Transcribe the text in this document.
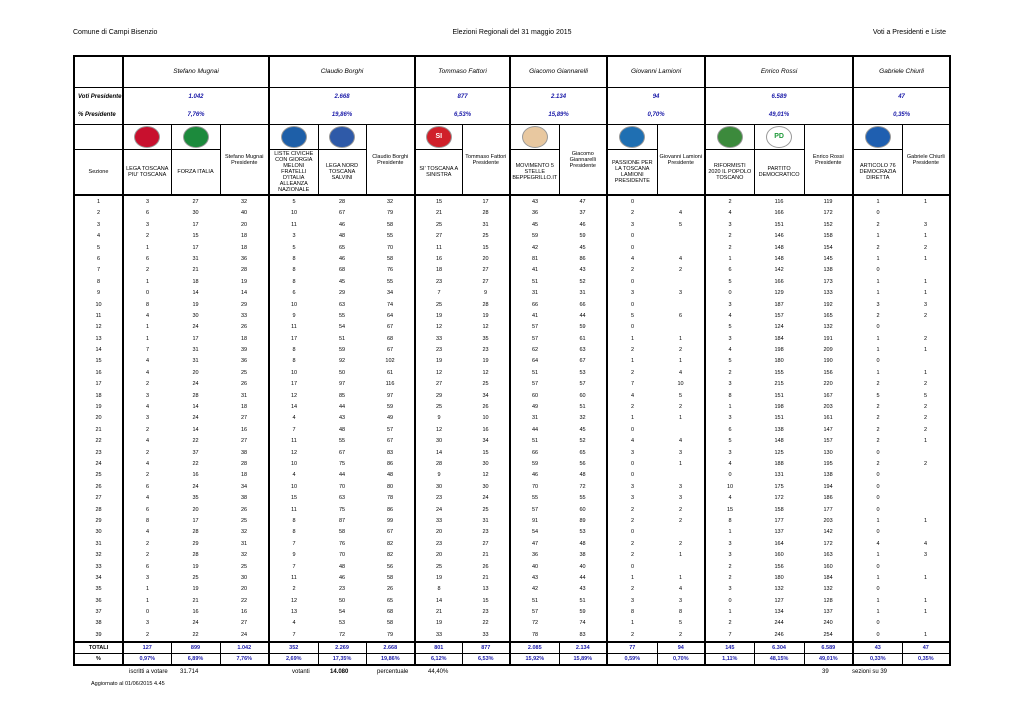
Comune di Campi Bisenzio	Elezioni Regionali del 31 maggio 2015	Voti a Presidenti e Liste
	Stefano Mugnai			Claudio Borghi			Tommaso Fattori		Giacomo Giannarelli		Giovanni Lamioni		Enrico Rossi			Gabriele Chiurli	
Voti Presidente	1.042			2.668			877		2.134		94		6.589			47	
% Presidente	7,76%			19,86%			6,53%		15,89%		0,70%		49,01%			0,35%	
			Stefano Mugnai Presidente			Claudio Borghi Presidente	SI	Tommaso Fattori Presidente		Giacomo Giannarelli Presidente		Giovanni Lamioni Presidente		PD	Enrico Rossi Presidente		Gabriele Chiurli Presidente
Sezione	LEGA TOSCANA PIU' TOSCANA	FORZA ITALIA		LISTE CIVICHE CON GIORGIA MELONI FRATELLI D'ITALIA ALLEANZA NAZIONALE	LEGA NORD TOSCANA SALVINI		SI' TOSCANA A SINISTRA		MOVIMENTO 5 STELLE BEPPEGRILLO.IT		PASSIONE PER LA TOSCANA LAMIONI PRESIDENTE		RIFORMISTI 2020 IL POPOLO TOSCANO	PARTITO DEMOCRATICO		ARTICOLO 76 DEMOCRAZIA DIRETTA	
1	3	27	32	5	28	32	15	17	43	47	0		2	116	119	1	1
2	6	30	40	10	67	79	21	28	36	37	2	4	4	166	172	0	
3	3	17	20	11	46	58	25	31	45	46	3	5	3	151	152	2	3
4	2	15	18	3	48	55	27	25	59	59	0		2	146	158	1	1
5	1	17	18	5	65	70	11	15	42	45	0		2	148	154	2	2
6	6	31	36	8	46	58	16	20	81	86	4	4	1	148	145	1	1
7	2	21	28	8	68	76	18	27	41	43	2	2	6	142	138	0	
8	1	18	19	8	45	55	23	27	51	52	0		5	166	173	1	1
9	0	14	14	6	29	34	7	9	31	31	3	3	0	129	133	1	1
10	8	19	29	10	63	74	25	28	66	66	0		3	187	192	3	3
11	4	30	33	9	55	64	19	19	41	44	5	6	4	157	165	2	2
12	1	24	26	11	54	67	12	12	57	59	0		5	124	132	0	
13	1	17	18	17	51	68	33	35	57	61	1	1	3	184	191	1	2
14	7	31	39	8	59	67	23	23	62	63	2	2	4	198	209	1	1
15	4	31	36	8	92	102	19	19	64	67	1	1	5	180	190	0	
16	4	20	25	10	50	61	12	12	51	53	2	4	2	155	156	1	1
17	2	24	26	17	97	116	27	25	57	57	7	10	3	215	220	2	2
18	3	28	31	12	85	97	29	34	60	60	4	5	8	151	167	5	5
19	4	14	18	14	44	59	25	26	49	51	2	2	1	198	203	2	2
20	3	24	27	4	43	49	9	10	31	32	1	1	3	151	161	2	2
21	2	14	16	7	48	57	12	16	44	45	0		6	138	147	2	2
22	4	22	27	11	55	67	30	34	51	52	4	4	5	148	157	2	1
23	2	37	38	12	67	83	14	15	66	65	3	3	3	125	130	0	
24	4	22	28	10	75	86	28	30	59	56	0	1	4	188	195	2	2
25	2	16	18	4	44	48	9	12	46	48	0		0	131	138	0	
26	6	24	34	10	70	80	30	30	70	72	3	3	10	175	194	0	
27	4	35	38	15	63	78	23	24	55	55	3	3	4	172	186	0	
28	6	20	26	11	75	86	24	25	57	60	2	2	15	158	177	0	
29	8	17	25	8	87	99	33	31	91	89	2	2	8	177	203	1	1
30	4	28	32	8	58	67	20	23	54	53	0		1	137	142	0	
31	2	29	31	7	76	82	23	27	47	48	2	2	3	164	172	4	4
32	2	28	32	9	70	82	20	21	36	38	2	1	3	160	163	1	3
33	6	19	25	7	48	56	25	26	40	40	0		2	156	160	0	
34	3	25	30	11	46	58	19	21	43	44	1	1	2	180	184	1	1
35	1	19	20	2	23	26	8	13	42	43	2	4	3	132	132	0	
36	1	21	22	12	50	65	14	15	51	51	3	3	0	127	128	1	1
37	0	16	16	13	54	68	21	23	57	59	8	8	1	134	137	1	1
38	3	24	27	4	53	58	19	22	72	74	1	5	2	244	240	0	
39	2	22	24	7	72	79	33	33	78	83	2	2	7	246	254	0	1
TOTALI	127	899	1.042	352	2.269	2.668	801	877	2.085	2.134	77	94	145	6.304	6.589	43	47
%	0,97%	6,89%	7,76%	2,69%	17,35%	19,86%	6,12%	6,53%	15,92%	15,89%	0,59%	0,70%	1,11%	48,15%	49,01%	0,33%	0,35%
iscritti a votare 31.714	votanti	14.080	percentuale	44,40%	39	sezioni su 39
Aggiornato al 01/06/2015 4.45
